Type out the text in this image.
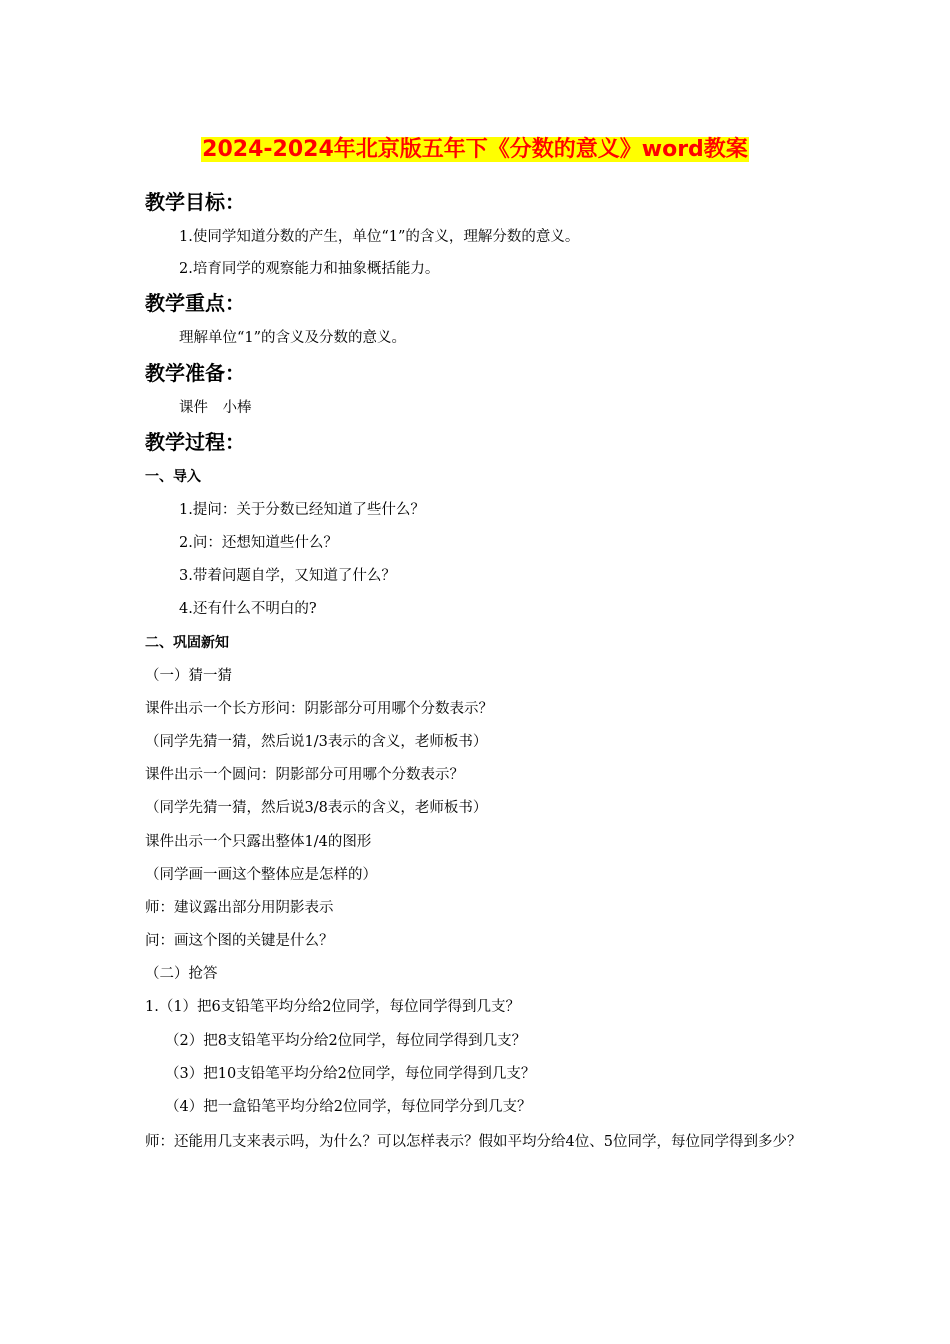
2024-2024年北京版五年下《分数的意义》word教案
教学目标：
1.使同学知道分数的产生，单位“1”的含义，理解分数的意义。
2.培育同学的观察能力和抽象概括能力。
教学重点：
理解单位“1”的含义及分数的意义。
教学准备：
课件　小棒
教学过程：
一、导入
1.提问：关于分数已经知道了些什么？
2.问：还想知道些什么？
3.带着问题自学，又知道了什么？
4.还有什么不明白的?
二、巩固新知
（一）猜一猜
课件出示一个长方形问：阴影部分可用哪个分数表示？
（同学先猜一猜，然后说1/3表示的含义，老师板书）
课件出示一个圆问：阴影部分可用哪个分数表示？
（同学先猜一猜，然后说3/8表示的含义，老师板书）
课件出示一个只露出整体1/4的图形
（同学画一画这个整体应是怎样的）
师：建议露出部分用阴影表示
问：画这个图的关键是什么？
（二）抢答
1.（1）把6支铅笔平均分给2位同学，每位同学得到几支？
（2）把8支铅笔平均分给2位同学，每位同学得到几支？
（3）把10支铅笔平均分给2位同学，每位同学得到几支？
（4）把一盒铅笔平均分给2位同学，每位同学分到几支？
师：还能用几支来表示吗，为什么？可以怎样表示？假如平均分给4位、5位同学，每位同学得到多少？
